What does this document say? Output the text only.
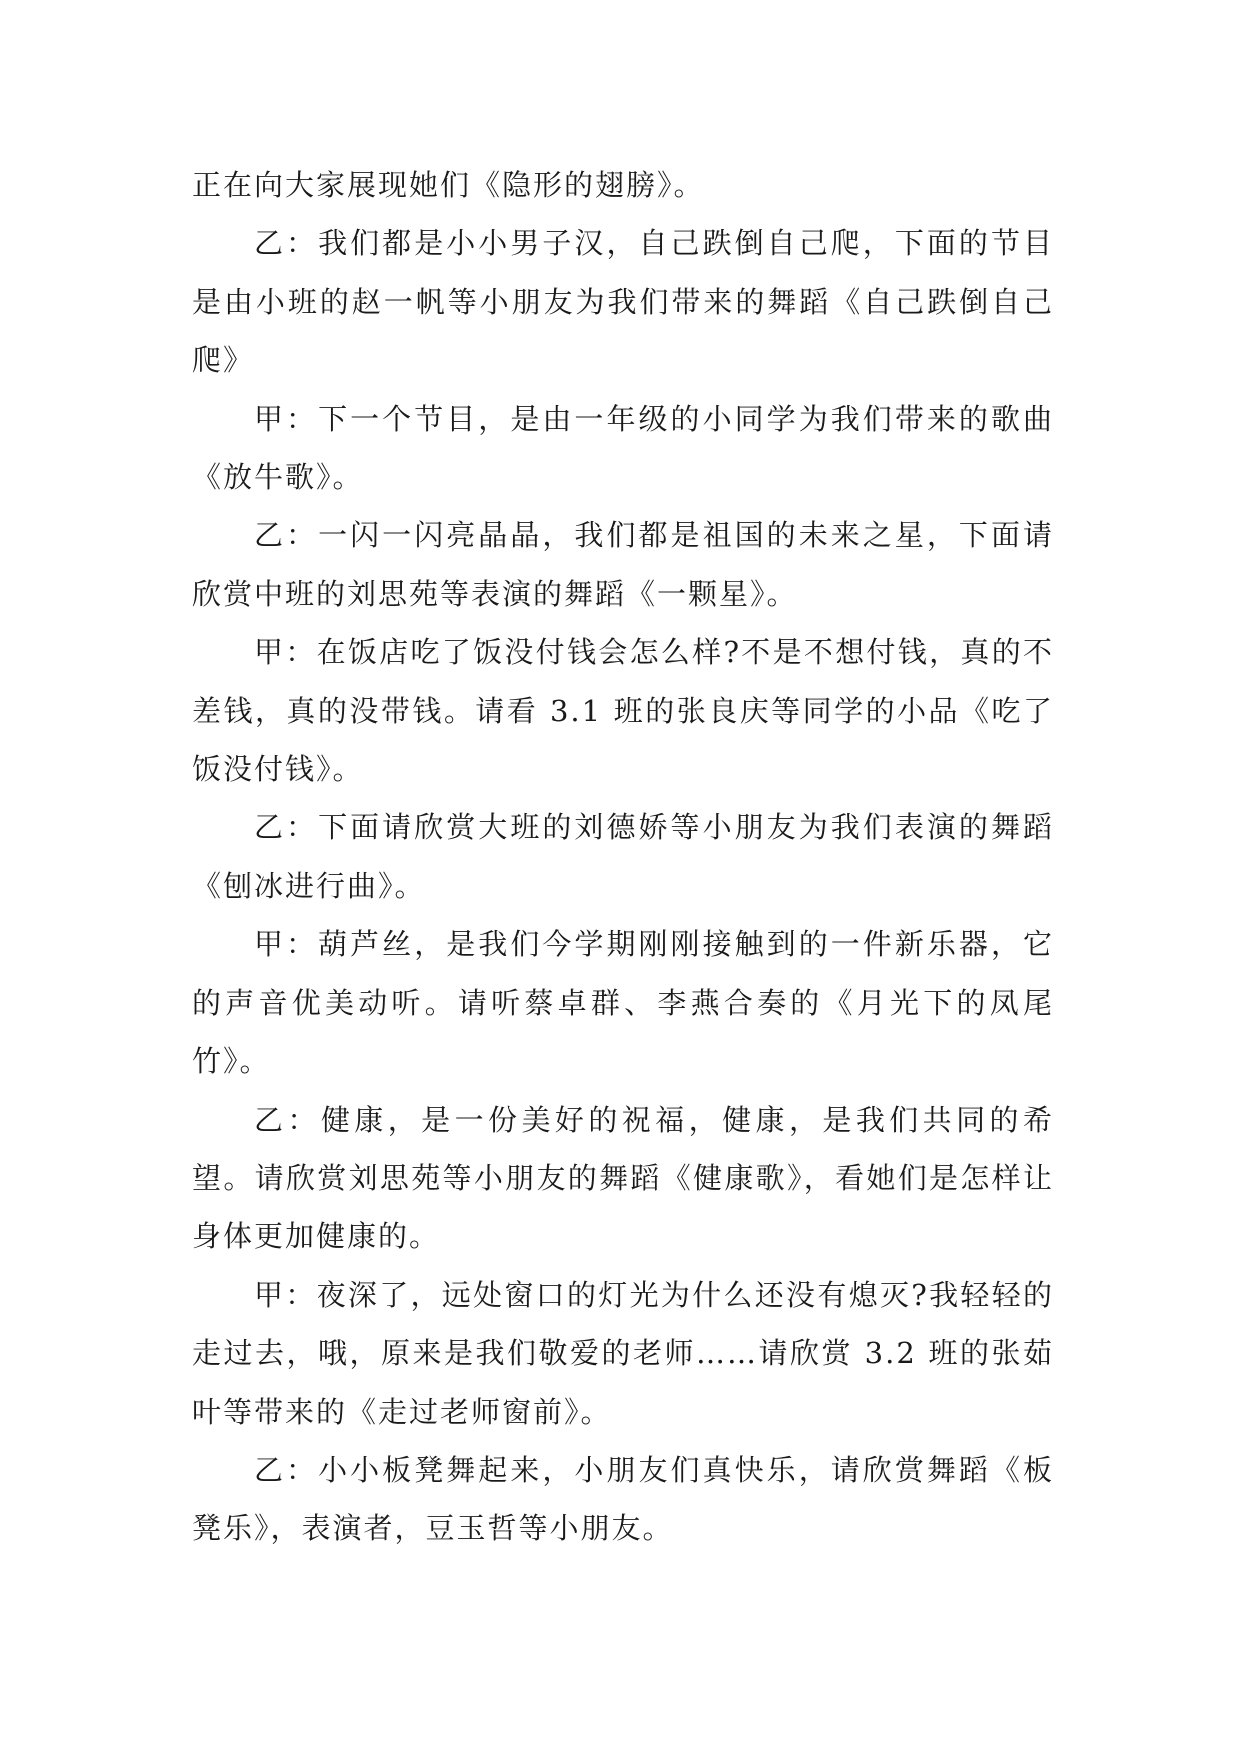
正在向大家展现她们《隐形的翅膀》。

乙：我们都是小小男子汉，自己跌倒自己爬，下面的节目是由小班的赵一帆等小朋友为我们带来的舞蹈《自己跌倒自己爬》

甲：下一个节目，是由一年级的小同学为我们带来的歌曲《放牛歌》。

乙：一闪一闪亮晶晶，我们都是祖国的未来之星，下面请欣赏中班的刘思苑等表演的舞蹈《一颗星》。

甲：在饭店吃了饭没付钱会怎么样?不是不想付钱，真的不差钱，真的没带钱。请看 3.1 班的张良庆等同学的小品《吃了饭没付钱》。

乙：下面请欣赏大班的刘德娇等小朋友为我们表演的舞蹈《刨冰进行曲》。

甲：葫芦丝，是我们今学期刚刚接触到的一件新乐器，它的声音优美动听。请听蔡卓群、李燕合奏的《月光下的凤尾竹》。

乙：健康，是一份美好的祝福，健康，是我们共同的希望。请欣赏刘思苑等小朋友的舞蹈《健康歌》，看她们是怎样让身体更加健康的。

甲：夜深了，远处窗口的灯光为什么还没有熄灭?我轻轻的走过去，哦，原来是我们敬爱的老师……请欣赏 3.2 班的张茹叶等带来的《走过老师窗前》。

乙：小小板凳舞起来，小朋友们真快乐，请欣赏舞蹈《板凳乐》，表演者，豆玉哲等小朋友。
